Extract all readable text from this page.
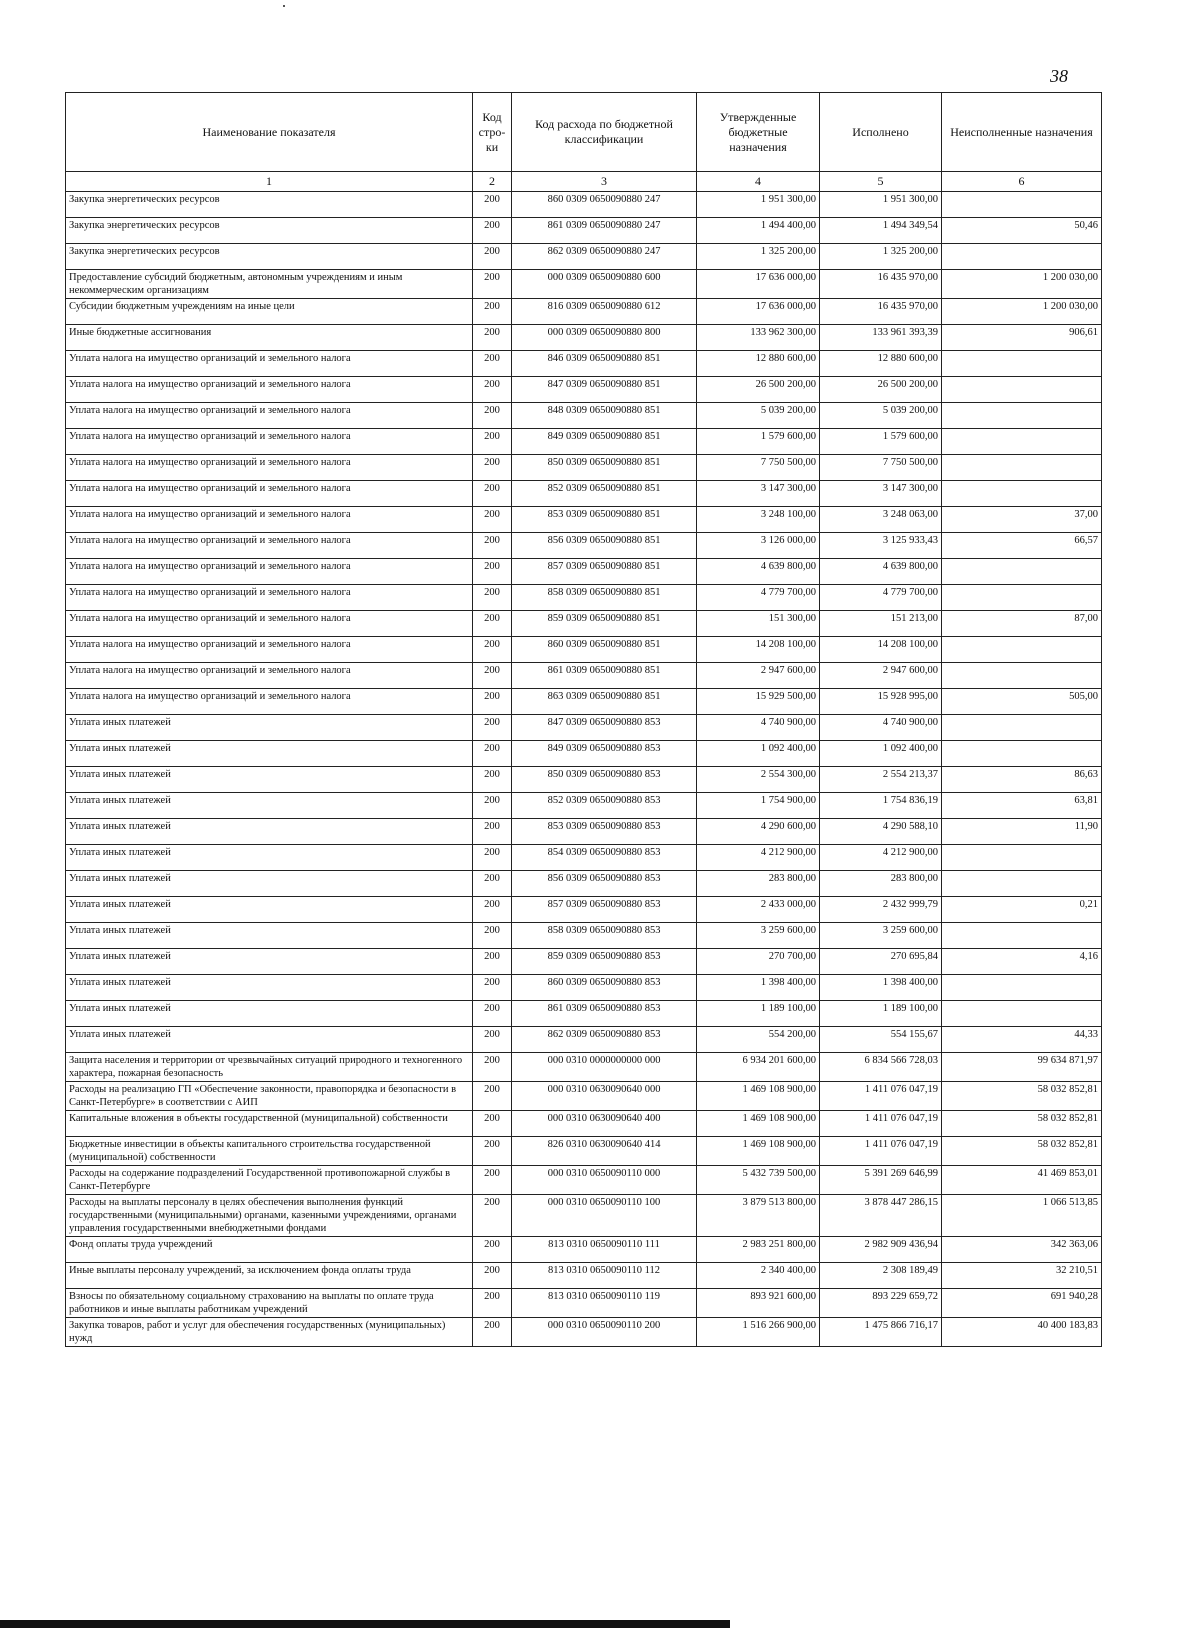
38
Наименование показателя	Код стро-ки	Код расхода по бюджетной классификации	Утвержденные бюджетные назначения	Исполнено	Неисполненные назначения
1	2	3	4	5	6
Закупка энергетических ресурсов	200	860 0309 0650090880 247	1 951 300,00	1 951 300,00	
Закупка энергетических ресурсов	200	861 0309 0650090880 247	1 494 400,00	1 494 349,54	50,46
Закупка энергетических ресурсов	200	862 0309 0650090880 247	1 325 200,00	1 325 200,00	
Предоставление субсидий бюджетным, автономным учреждениям и иным некоммерческим организациям	200	000 0309 0650090880 600	17 636 000,00	16 435 970,00	1 200 030,00
Субсидии бюджетным учреждениям на иные цели	200	816 0309 0650090880 612	17 636 000,00	16 435 970,00	1 200 030,00
Иные бюджетные ассигнования	200	000 0309 0650090880 800	133 962 300,00	133 961 393,39	906,61
Уплата налога на имущество организаций и земельного налога	200	846 0309 0650090880 851	12 880 600,00	12 880 600,00	
Уплата налога на имущество организаций и земельного налога	200	847 0309 0650090880 851	26 500 200,00	26 500 200,00	
Уплата налога на имущество организаций и земельного налога	200	848 0309 0650090880 851	5 039 200,00	5 039 200,00	
Уплата налога на имущество организаций и земельного налога	200	849 0309 0650090880 851	1 579 600,00	1 579 600,00	
Уплата налога на имущество организаций и земельного налога	200	850 0309 0650090880 851	7 750 500,00	7 750 500,00	
Уплата налога на имущество организаций и земельного налога	200	852 0309 0650090880 851	3 147 300,00	3 147 300,00	
Уплата налога на имущество организаций и земельного налога	200	853 0309 0650090880 851	3 248 100,00	3 248 063,00	37,00
Уплата налога на имущество организаций и земельного налога	200	856 0309 0650090880 851	3 126 000,00	3 125 933,43	66,57
Уплата налога на имущество организаций и земельного налога	200	857 0309 0650090880 851	4 639 800,00	4 639 800,00	
Уплата налога на имущество организаций и земельного налога	200	858 0309 0650090880 851	4 779 700,00	4 779 700,00	
Уплата налога на имущество организаций и земельного налога	200	859 0309 0650090880 851	151 300,00	151 213,00	87,00
Уплата налога на имущество организаций и земельного налога	200	860 0309 0650090880 851	14 208 100,00	14 208 100,00	
Уплата налога на имущество организаций и земельного налога	200	861 0309 0650090880 851	2 947 600,00	2 947 600,00	
Уплата налога на имущество организаций и земельного налога	200	863 0309 0650090880 851	15 929 500,00	15 928 995,00	505,00
Уплата иных платежей	200	847 0309 0650090880 853	4 740 900,00	4 740 900,00	
Уплата иных платежей	200	849 0309 0650090880 853	1 092 400,00	1 092 400,00	
Уплата иных платежей	200	850 0309 0650090880 853	2 554 300,00	2 554 213,37	86,63
Уплата иных платежей	200	852 0309 0650090880 853	1 754 900,00	1 754 836,19	63,81
Уплата иных платежей	200	853 0309 0650090880 853	4 290 600,00	4 290 588,10	11,90
Уплата иных платежей	200	854 0309 0650090880 853	4 212 900,00	4 212 900,00	
Уплата иных платежей	200	856 0309 0650090880 853	283 800,00	283 800,00	
Уплата иных платежей	200	857 0309 0650090880 853	2 433 000,00	2 432 999,79	0,21
Уплата иных платежей	200	858 0309 0650090880 853	3 259 600,00	3 259 600,00	
Уплата иных платежей	200	859 0309 0650090880 853	270 700,00	270 695,84	4,16
Уплата иных платежей	200	860 0309 0650090880 853	1 398 400,00	1 398 400,00	
Уплата иных платежей	200	861 0309 0650090880 853	1 189 100,00	1 189 100,00	
Уплата иных платежей	200	862 0309 0650090880 853	554 200,00	554 155,67	44,33
Защита населения и территории от чрезвычайных ситуаций природного и техногенного характера, пожарная безопасность	200	000 0310 0000000000 000	6 934 201 600,00	6 834 566 728,03	99 634 871,97
Расходы на реализацию ГП «Обеспечение законности, правопорядка и безопасности в Санкт-Петербурге» в соответствии с АИП	200	000 0310 0630090640 000	1 469 108 900,00	1 411 076 047,19	58 032 852,81
Капитальные вложения в объекты государственной (муниципальной) собственности	200	000 0310 0630090640 400	1 469 108 900,00	1 411 076 047,19	58 032 852,81
Бюджетные инвестиции в объекты капитального строительства государственной (муниципальной) собственности	200	826 0310 0630090640 414	1 469 108 900,00	1 411 076 047,19	58 032 852,81
Расходы на содержание подразделений Государственной противопожарной службы в Санкт-Петербурге	200	000 0310 0650090110 000	5 432 739 500,00	5 391 269 646,99	41 469 853,01
Расходы на выплаты персоналу в целях обеспечения выполнения функций государственными (муниципальными) органами, казенными учреждениями, органами управления государственными внебюджетными фондами	200	000 0310 0650090110 100	3 879 513 800,00	3 878 447 286,15	1 066 513,85
Фонд оплаты труда учреждений	200	813 0310 0650090110 111	2 983 251 800,00	2 982 909 436,94	342 363,06
Иные выплаты персоналу учреждений, за исключением фонда оплаты труда	200	813 0310 0650090110 112	2 340 400,00	2 308 189,49	32 210,51
Взносы по обязательному социальному страхованию на выплаты по оплате труда работников и иные выплаты работникам учреждений	200	813 0310 0650090110 119	893 921 600,00	893 229 659,72	691 940,28
Закупка товаров, работ и услуг для обеспечения государственных (муниципальных) нужд	200	000 0310 0650090110 200	1 516 266 900,00	1 475 866 716,17	40 400 183,83
